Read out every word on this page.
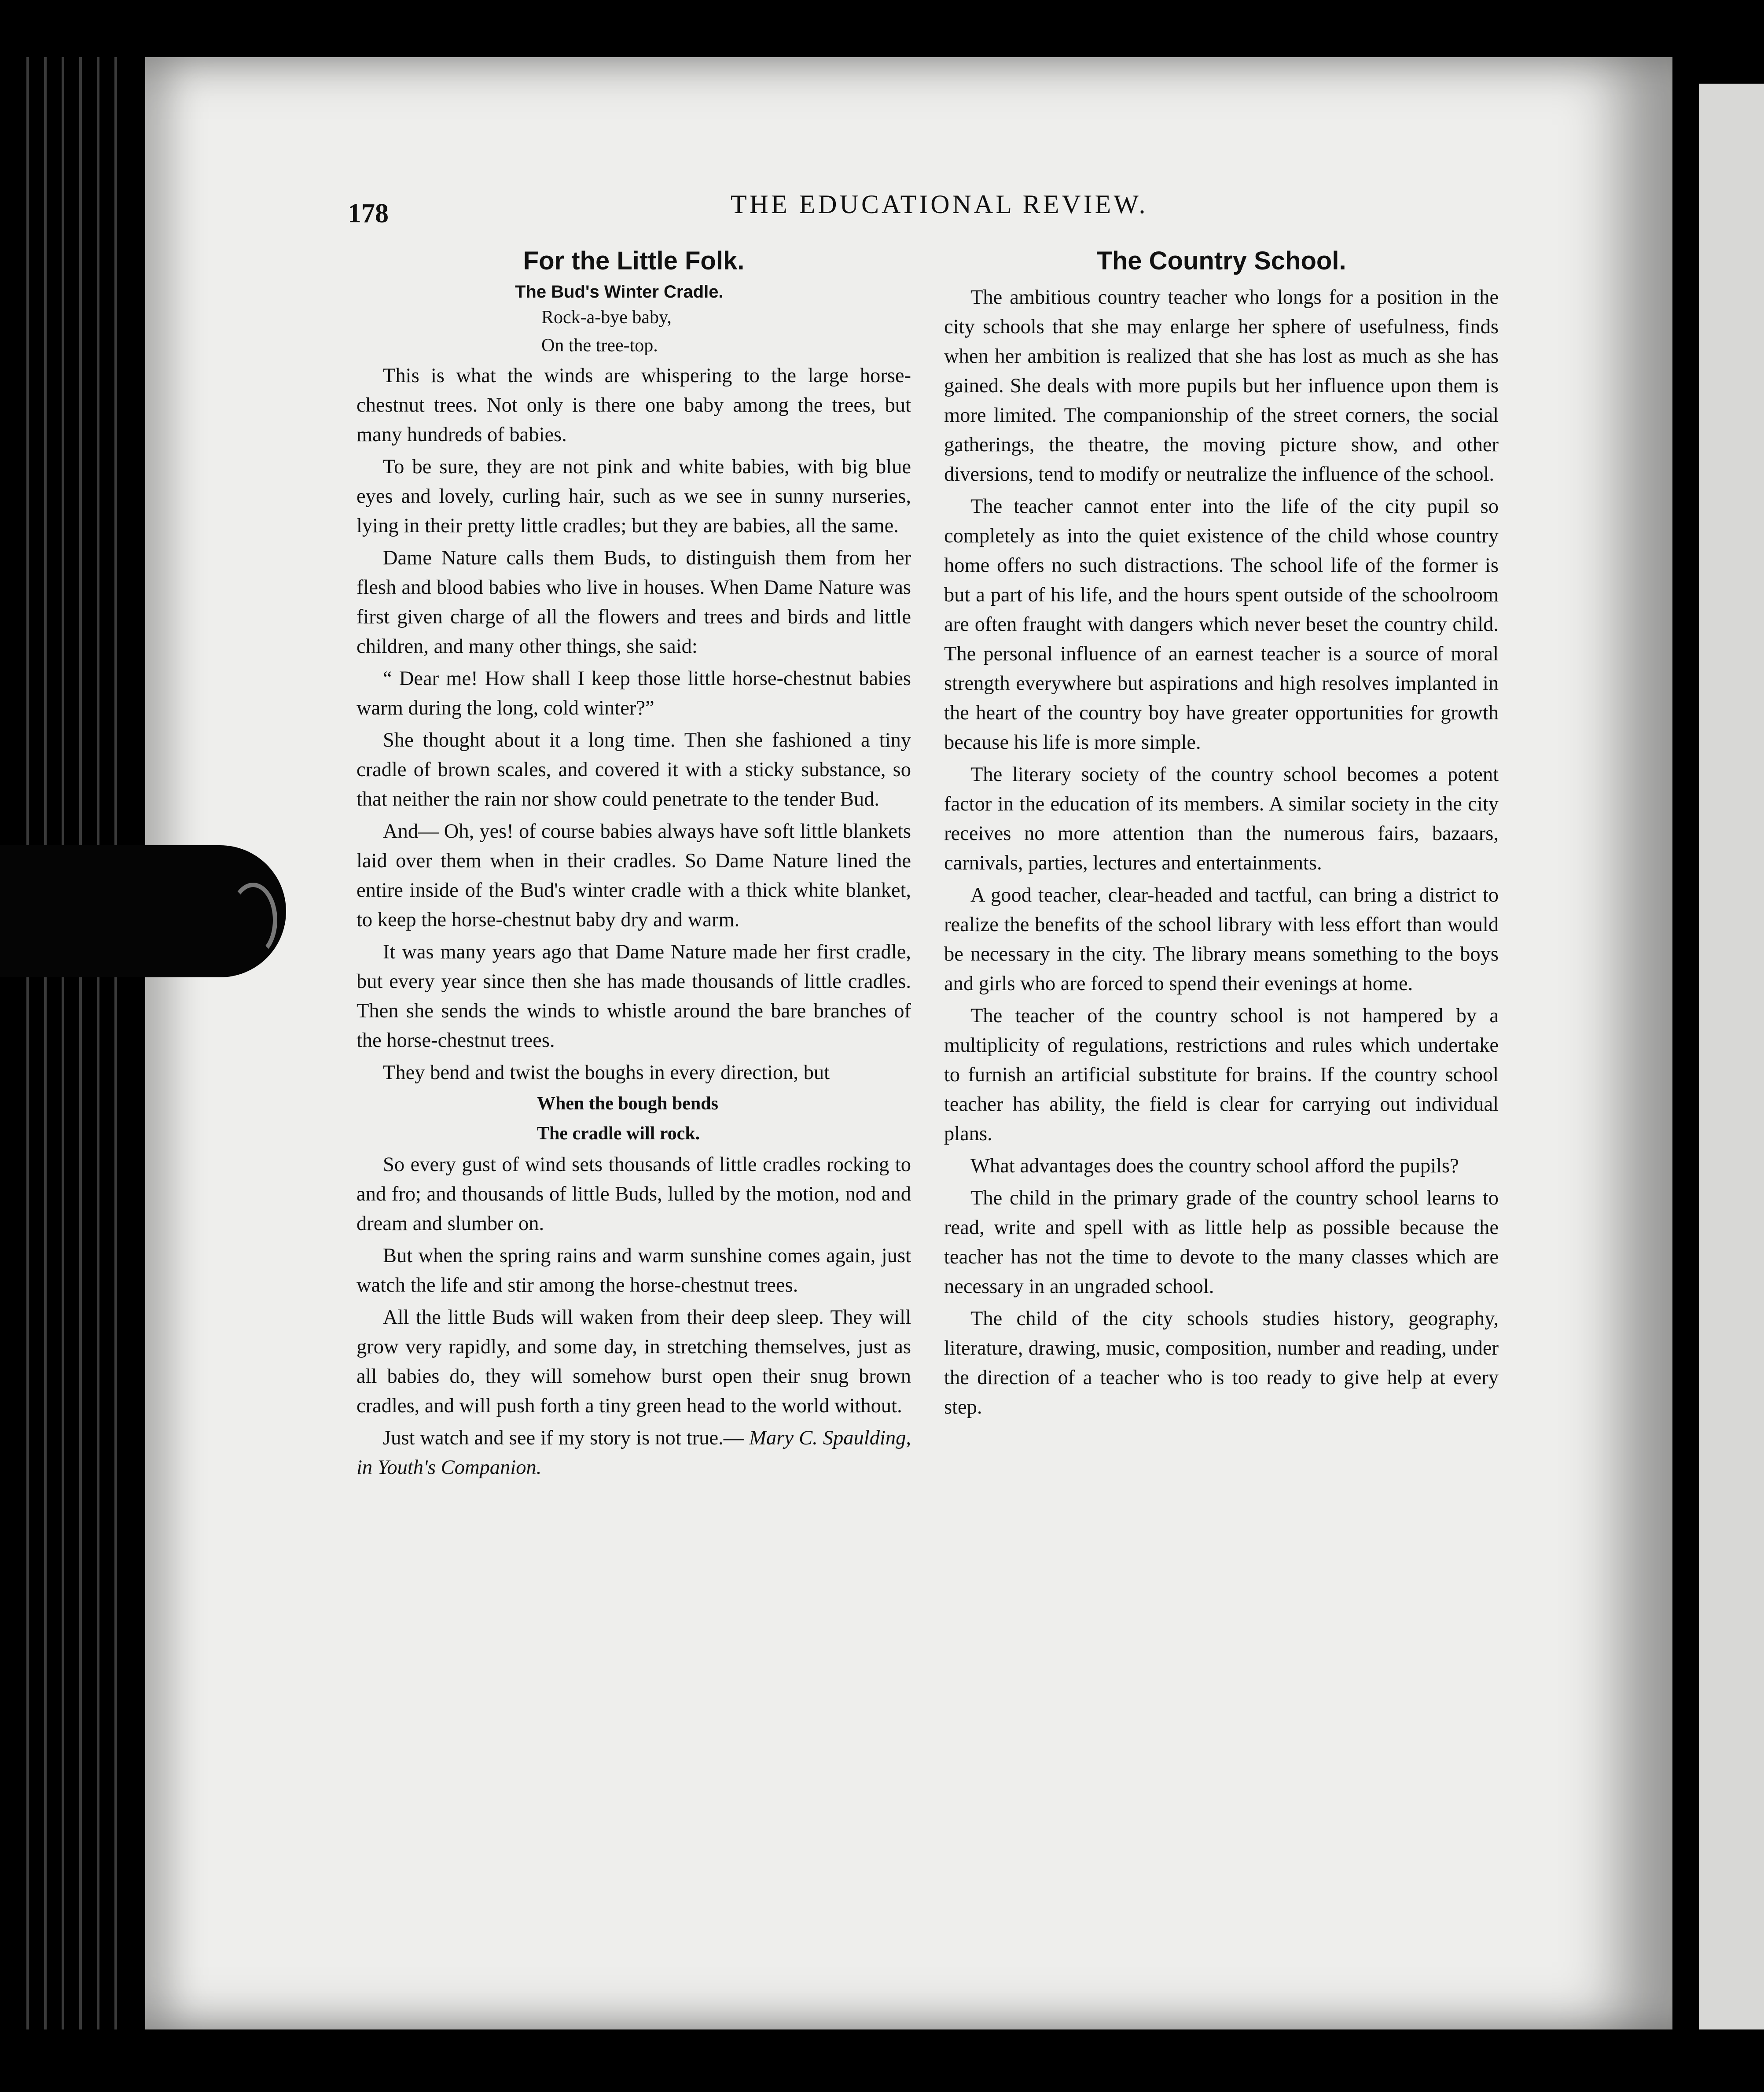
178	THE EDUCATIONAL REVIEW.
For the Little Folk.
The Bud's Winter Cradle.

Rock-a-bye baby,

On the tree-top.

This is what the winds are whispering to the large horse-chestnut trees. Not only is there one baby among the trees, but many hundreds of babies.

To be sure, they are not pink and white babies, with big blue eyes and lovely, curling hair, such as we see in sunny nurseries, lying in their pretty little cradles; but they are babies, all the same.

Dame Nature calls them Buds, to distinguish them from her flesh and blood babies who live in houses. When Dame Nature was first given charge of all the flowers and trees and birds and little children, and many other things, she said:

“ Dear me! How shall I keep those little horse-chestnut babies warm during the long, cold winter?”

She thought about it a long time. Then she fashioned a tiny cradle of brown scales, and covered it with a sticky substance, so that neither the rain nor show could penetrate to the tender Bud.

And— Oh, yes! of course babies always have soft little blankets laid over them when in their cradles. So Dame Nature lined the entire inside of the Bud's winter cradle with a thick white blanket, to keep the horse-chestnut baby dry and warm.

It was many years ago that Dame Nature made her first cradle, but every year since then she has made thousands of little cradles. Then she sends the winds to whistle around the bare branches of the horse-chestnut trees.

They bend and twist the boughs in every direction, but

When the bough bends

The cradle will rock.

So every gust of wind sets thousands of little cradles rocking to and fro; and thousands of little Buds, lulled by the motion, nod and dream and slumber on.

But when the spring rains and warm sunshine comes again, just watch the life and stir among the horse-chestnut trees.

All the little Buds will waken from their deep sleep. They will grow very rapidly, and some day, in stretching themselves, just as all babies do, they will somehow burst open their snug brown cradles, and will push forth a tiny green head to the world without.

Just watch and see if my story is not true.— Mary C. Spaulding, in Youth's Companion.

The Country School.

The ambitious country teacher who longs for a position in the city schools that she may enlarge her sphere of usefulness, finds when her ambition is realized that she has lost as much as she has gained. She deals with more pupils but her influence upon them is more limited. The companionship of the street corners, the social gatherings, the theatre, the moving picture show, and other diversions, tend to modify or neutralize the influence of the school.

The teacher cannot enter into the life of the city pupil so completely as into the quiet existence of the child whose country home offers no such distractions. The school life of the former is but a part of his life, and the hours spent outside of the schoolroom are often fraught with dangers which never beset the country child. The personal influence of an earnest teacher is a source of moral strength everywhere but aspirations and high resolves implanted in the heart of the country boy have greater opportunities for growth because his life is more simple.

The literary society of the country school becomes a potent factor in the education of its members. A similar society in the city receives no more attention than the numerous fairs, bazaars, carnivals, parties, lectures and entertainments.

A good teacher, clear-headed and tactful, can bring a district to realize the benefits of the school library with less effort than would be necessary in the city. The library means something to the boys and girls who are forced to spend their evenings at home.

The teacher of the country school is not hampered by a multiplicity of regulations, restrictions and rules which undertake to furnish an artificial substitute for brains. If the country school teacher has ability, the field is clear for carrying out individual plans.

What advantages does the country school afford the pupils?

The child in the primary grade of the country school learns to read, write and spell with as little help as possible because the teacher has not the time to devote to the many classes which are necessary in an ungraded school.

The child of the city schools studies history, geography, literature, drawing, music, composition, number and reading, under the direction of a teacher who is too ready to give help at every step.
